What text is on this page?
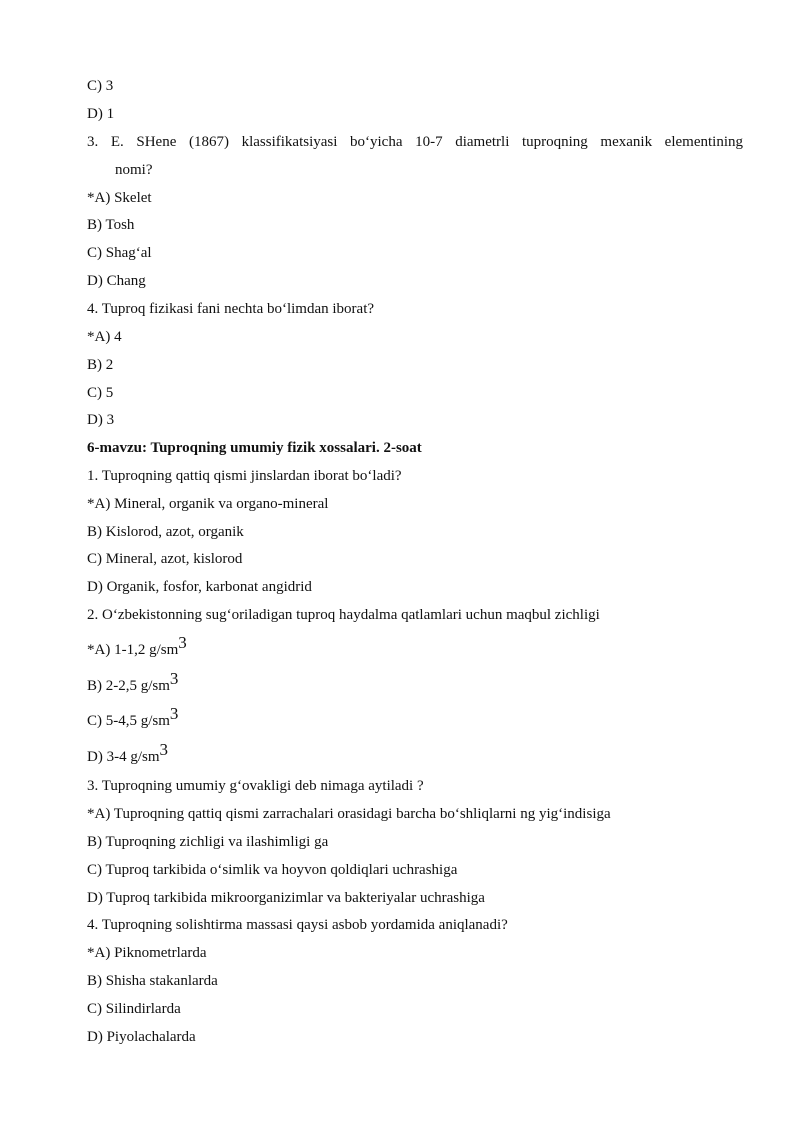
C) 3
D) 1
3. E. SHene (1867) klassifikatsiyasi bo‘yicha 10-7 diametrli tuproqning mexanik elementining
nomi?
*A) Skelet
B) Tosh
C) Shag‘al
D) Chang
4. Tuproq fizikasi fani nechta bo‘limdan iborat?
*A) 4
B) 2
C) 5
D) 3
6-mavzu: Tuproqning umumiy fizik xossalari. 2-soat
1. Tuproqning qattiq qismi jinslardan iborat bo‘ladi?
*A) Mineral, organik va organo-mineral
B) Kislorod, azot, organik
C) Mineral, azot, kislorod
D) Organik, fosfor, karbonat angidrid
2. O‘zbekistonning sug‘oriladigan tuproq haydalma qatlamlari uchun maqbul zichligi
*A) 1-1,2 $g/sm^3$
B) 2-2,5 $g/sm^3$
C) 5-4,5 $g/sm^3$
D) 3-4 $g/sm^3$
3. Tuproqning umumiy g‘ovakligi deb nimaga aytiladi ?
*A) Tuproqning qattiq qismi zarrachalari orasidagi barcha bo‘shliqlarni ng yig‘indisiga
B) Tuproqning zichligi va ilashimligi ga
C) Tuproq tarkibida o‘simlik va hoyvon qoldiqlari uchrashiga
D) Tuproq tarkibida mikroorganizimlar va bakteriyalar uchrashiga
4. Tuproqning solishtirma massasi qaysi asbob yordamida aniqlanadi?
*A) Piknometrlarda
B) Shisha stakanlarda
C) Silindirlarda
D) Piyolachalarda
